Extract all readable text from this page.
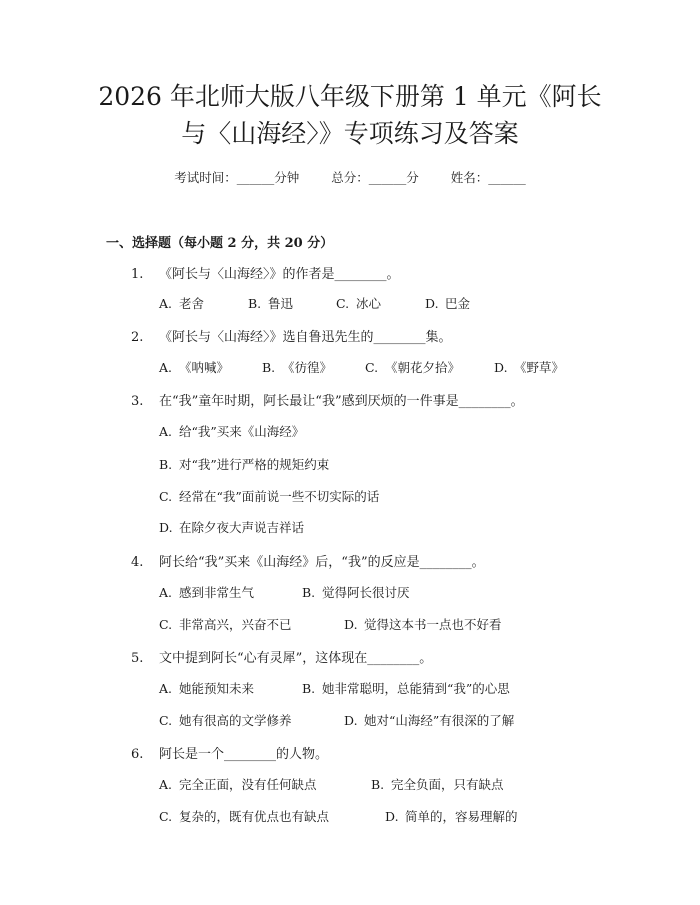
2026 年北师大版八年级下册第 1 单元《阿长
与〈山海经〉》专项练习及答案
考试时间：______分钟	总分：______分	姓名：______
一、选择题（每小题 2 分，共 20 分）
1. 《阿长与〈山海经〉》的作者是________。
A. 老舍	B. 鲁迅	C. 冰心	D. 巴金
2. 《阿长与〈山海经〉》选自鲁迅先生的________集。
A. 《呐喊》	B. 《彷徨》	C. 《朝花夕拾》	D. 《野草》
3. 在“我”童年时期，阿长最让“我”感到厌烦的一件事是________。
A. 给“我”买来《山海经》
B. 对“我”进行严格的规矩约束
C. 经常在“我”面前说一些不切实际的话
D. 在除夕夜大声说吉祥话
4. 阿长给“我”买来《山海经》后，“我”的反应是________。
A. 感到非常生气	B. 觉得阿长很讨厌
C. 非常高兴，兴奋不已	D. 觉得这本书一点也不好看
5. 文中提到阿长“心有灵犀”，这体现在________。
A. 她能预知未来	B. 她非常聪明，总能猜到“我”的心思
C. 她有很高的文学修养	D. 她对“山海经”有很深的了解
6. 阿长是一个________的人物。
A. 完全正面，没有任何缺点	B. 完全负面，只有缺点
C. 复杂的，既有优点也有缺点	D. 简单的，容易理解的
